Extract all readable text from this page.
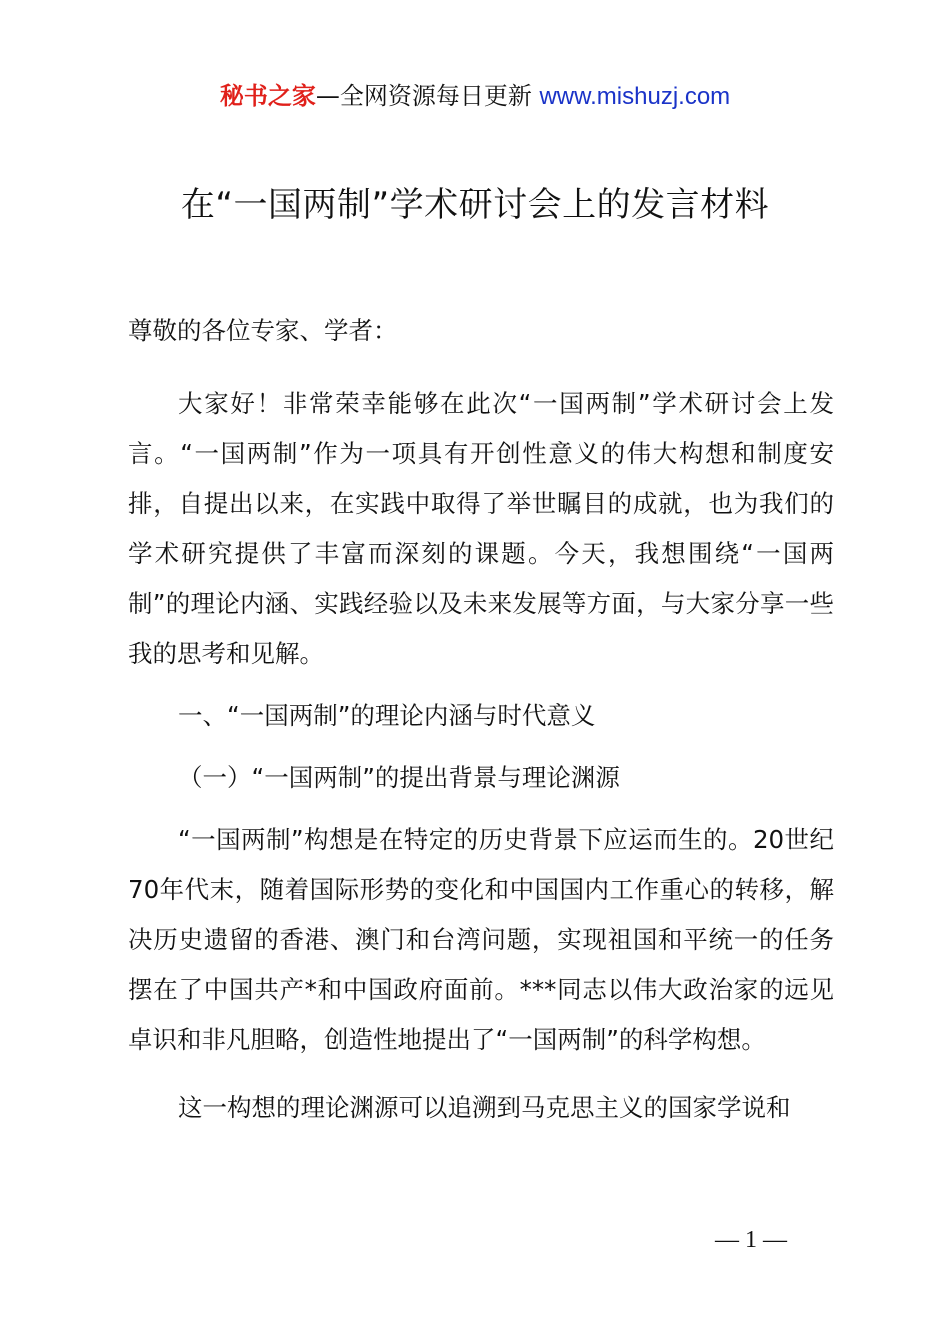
秘书之家—全网资源每日更新 www.mishuzj.com
在“一国两制”学术研讨会上的发言材料

尊敬的各位专家、学者：

大家好！非常荣幸能够在此次“一国两制”学术研讨会上发言。“一国两制”作为一项具有开创性意义的伟大构想和制度安排，自提出以来，在实践中取得了举世瞩目的成就，也为我们的学术研究提供了丰富而深刻的课题。今天，我想围绕“一国两制”的理论内涵、实践经验以及未来发展等方面，与大家分享一些我的思考和见解。

一、“一国两制”的理论内涵与时代意义

（一）“一国两制”的提出背景与理论渊源

“一国两制”构想是在特定的历史背景下应运而生的。20世纪70年代末，随着国际形势的变化和中国国内工作重心的转移，解决历史遗留的香港、澳门和台湾问题，实现祖国和平统一的任务摆在了中国共产*和中国政府面前。***同志以伟大政治家的远见卓识和非凡胆略，创造性地提出了“一国两制”的科学构想。

这一构想的理论渊源可以追溯到马克思主义的国家学说和

— 1 —
